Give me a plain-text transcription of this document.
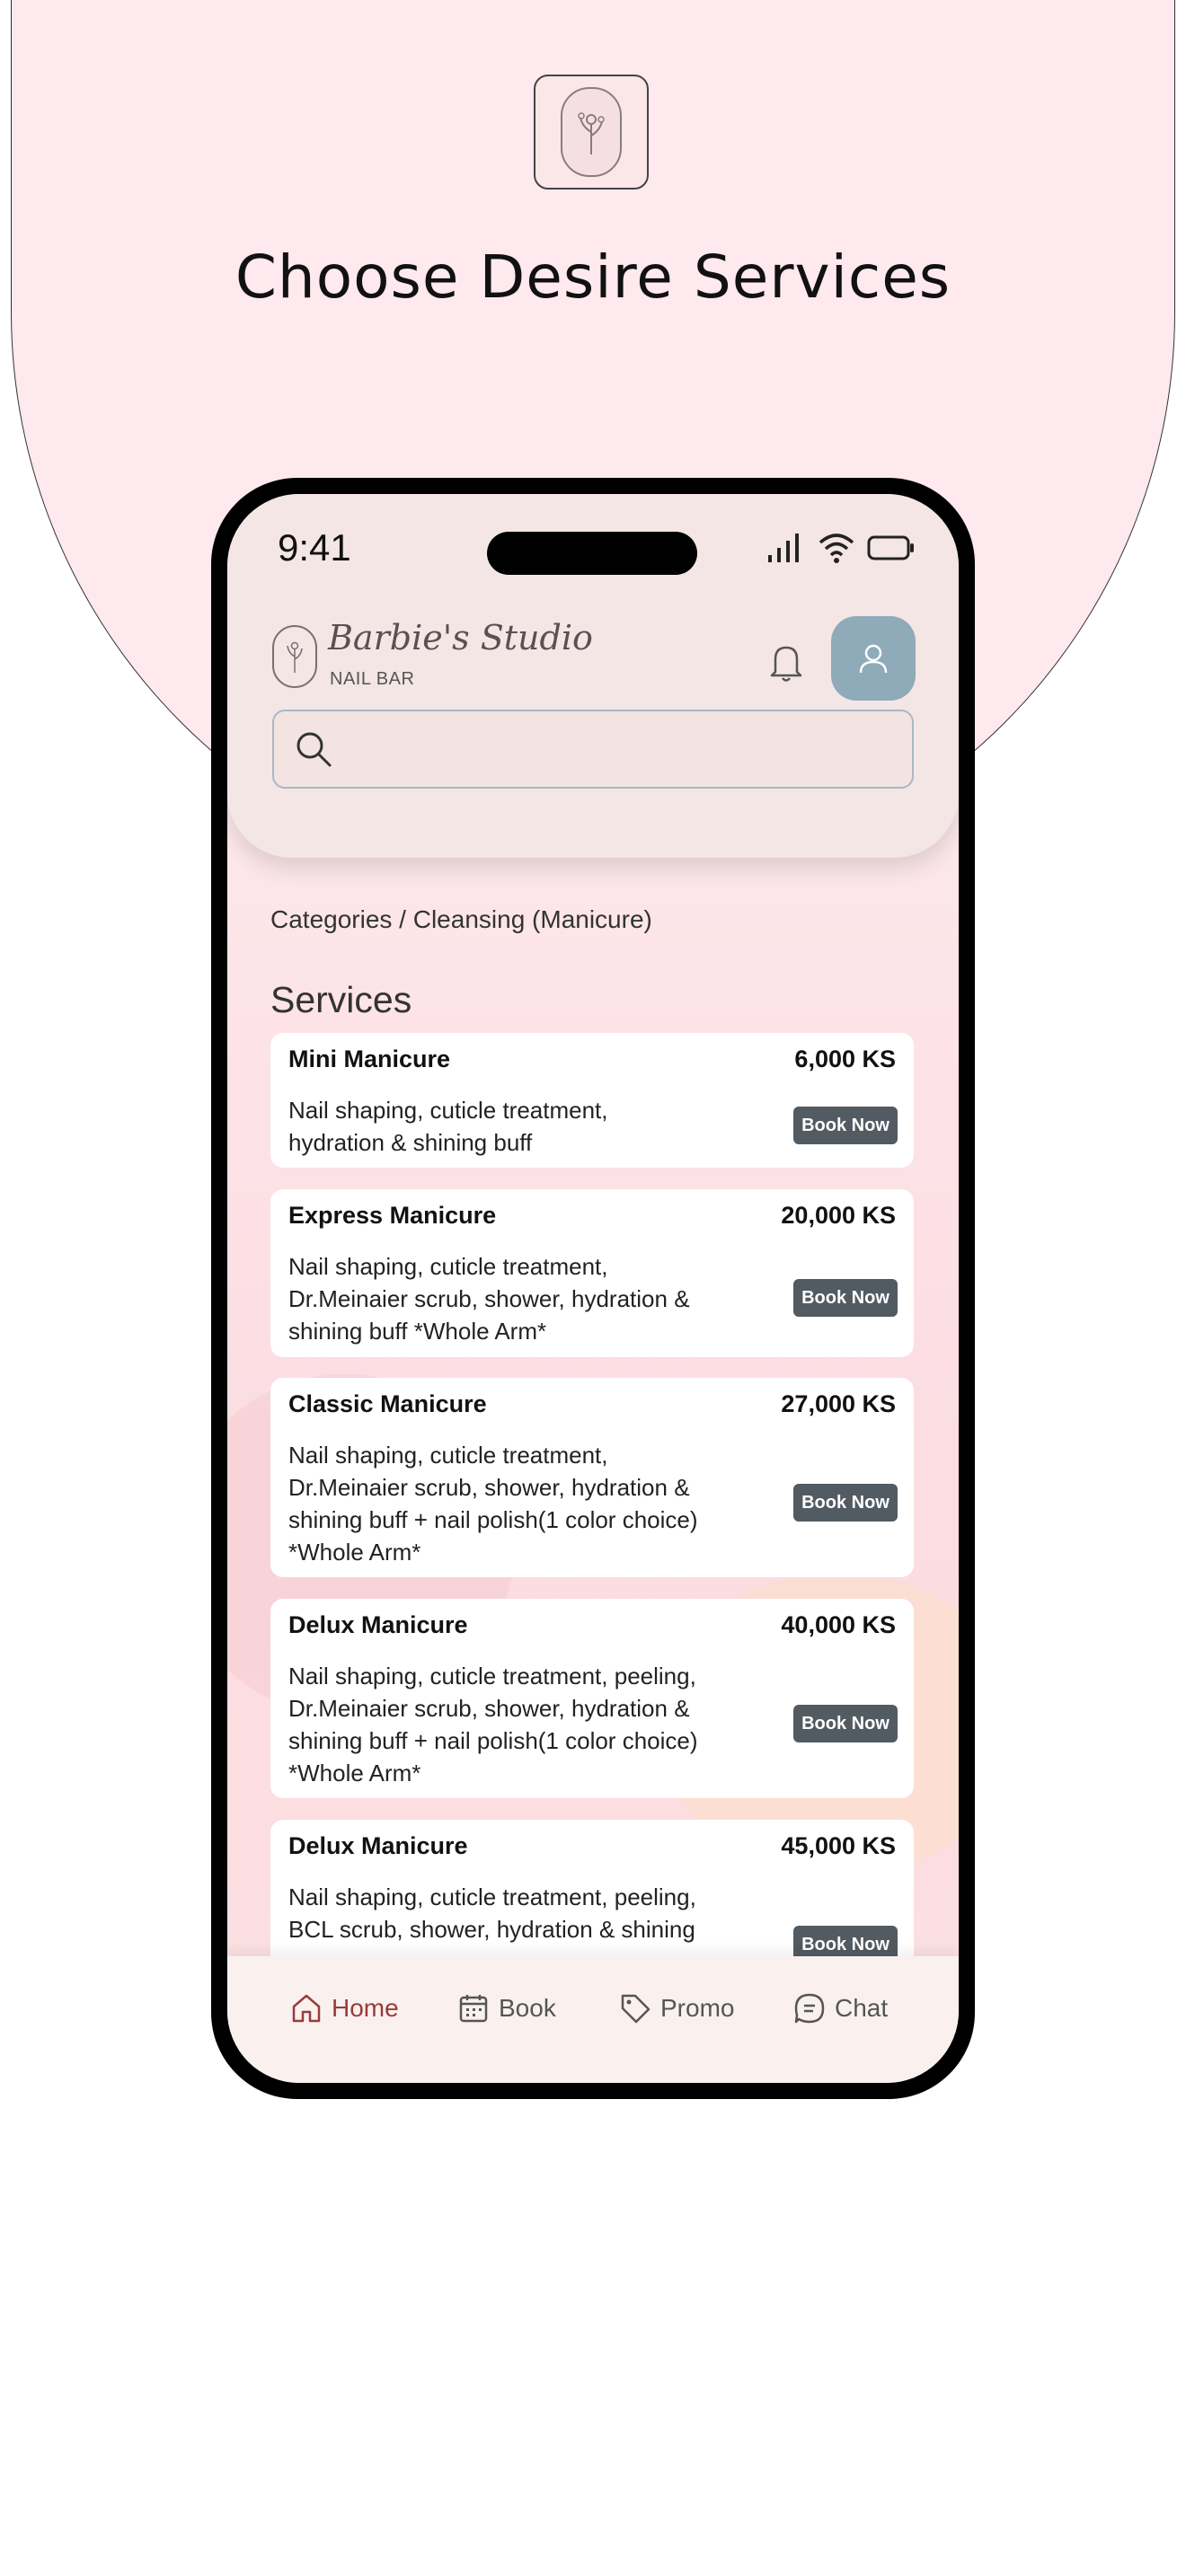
Choose Desire Services
9:41
Barbie's Studio
NAIL BAR
Categories / Cleansing (Manicure)
Services
Mini Manicure	6,000 KS
Nail shaping, cuticle treatment,
hydration & shining buff
Book Now
Express Manicure	20,000 KS
Nail shaping, cuticle treatment,
Dr.Meinaier scrub, shower, hydration &
shining buff *Whole Arm*
Book Now
Classic Manicure	27,000 KS
Nail shaping, cuticle treatment,
Dr.Meinaier scrub, shower, hydration &
shining buff + nail polish(1 color choice)
*Whole Arm*
Book Now
Delux Manicure	40,000 KS
Nail shaping, cuticle treatment, peeling,
Dr.Meinaier scrub, shower, hydration &
shining buff + nail polish(1 color choice)
*Whole Arm*
Book Now
Delux Manicure	45,000 KS
Nail shaping, cuticle treatment, peeling,
BCL scrub, shower, hydration & shining
Book Now
Home	Book	Promo	Chat
